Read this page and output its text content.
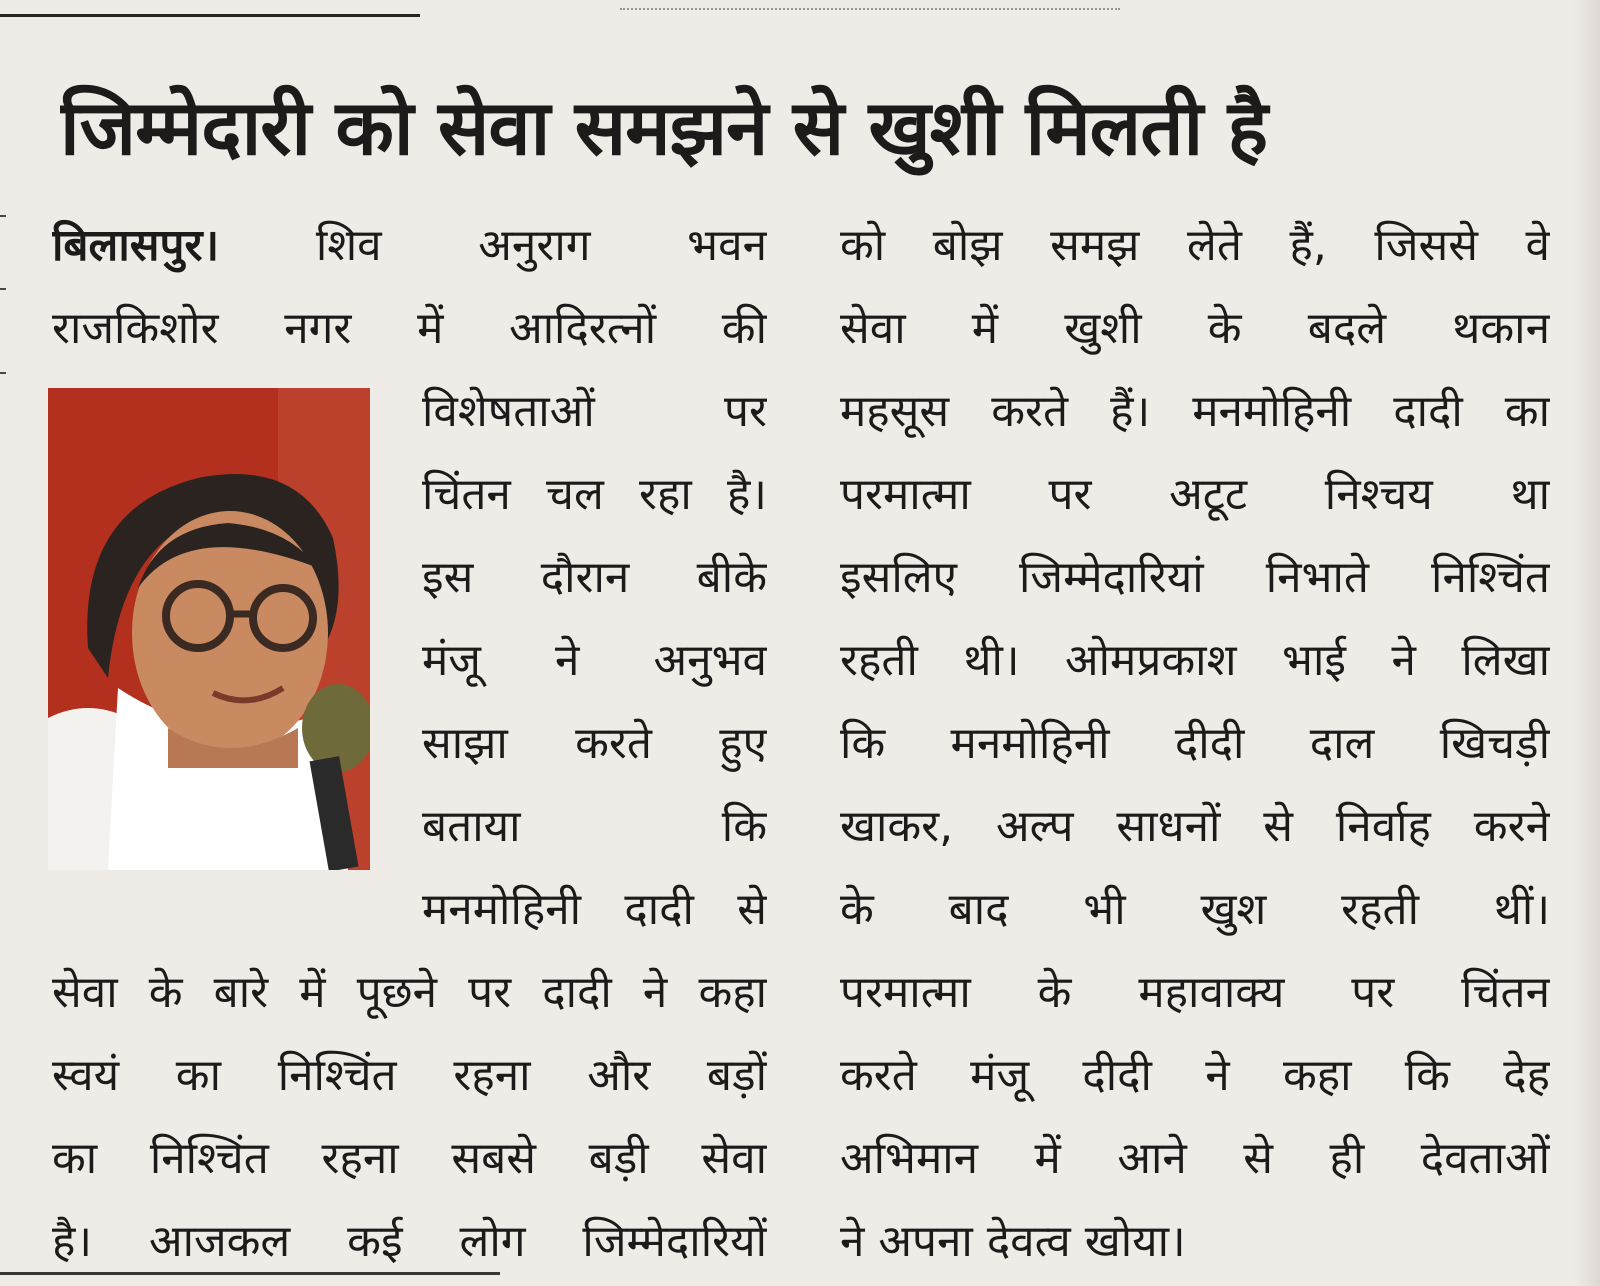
जिम्मेदारी को सेवा समझने से खुशी मिलती है
बिलासपुर। शिव अनुराग भवन
राजकिशोर नगर में आदिरत्नों की
विशेषताओं पर
चिंतन चल रहा है।
इस दौरान बीके
मंजू ने अनुभव
साझा करते हुए
बताया कि
मनमोहिनी दादी से
सेवा के बारे में पूछने पर दादी ने कहा
स्वयं का निश्चिंत रहना और बड़ों
का निश्चिंत रहना सबसे बड़ी सेवा
है। आजकल कई लोग जिम्मेदारियों
को बोझ समझ लेते हैं, जिससे वे
सेवा में खुशी के बदले थकान
महसूस करते हैं। मनमोहिनी दादी का
परमात्मा पर अटूट निश्चय था
इसलिए जिम्मेदारियां निभाते निश्चिंत
रहती थी। ओमप्रकाश भाई ने लिखा
कि मनमोहिनी दीदी दाल खिचड़ी
खाकर, अल्प साधनों से निर्वाह करने
के बाद भी खुश रहती थीं।
परमात्मा के महावाक्य पर चिंतन
करते मंजू दीदी ने कहा कि देह
अभिमान में आने से ही देवताओं
ने अपना देवत्व खोया।
